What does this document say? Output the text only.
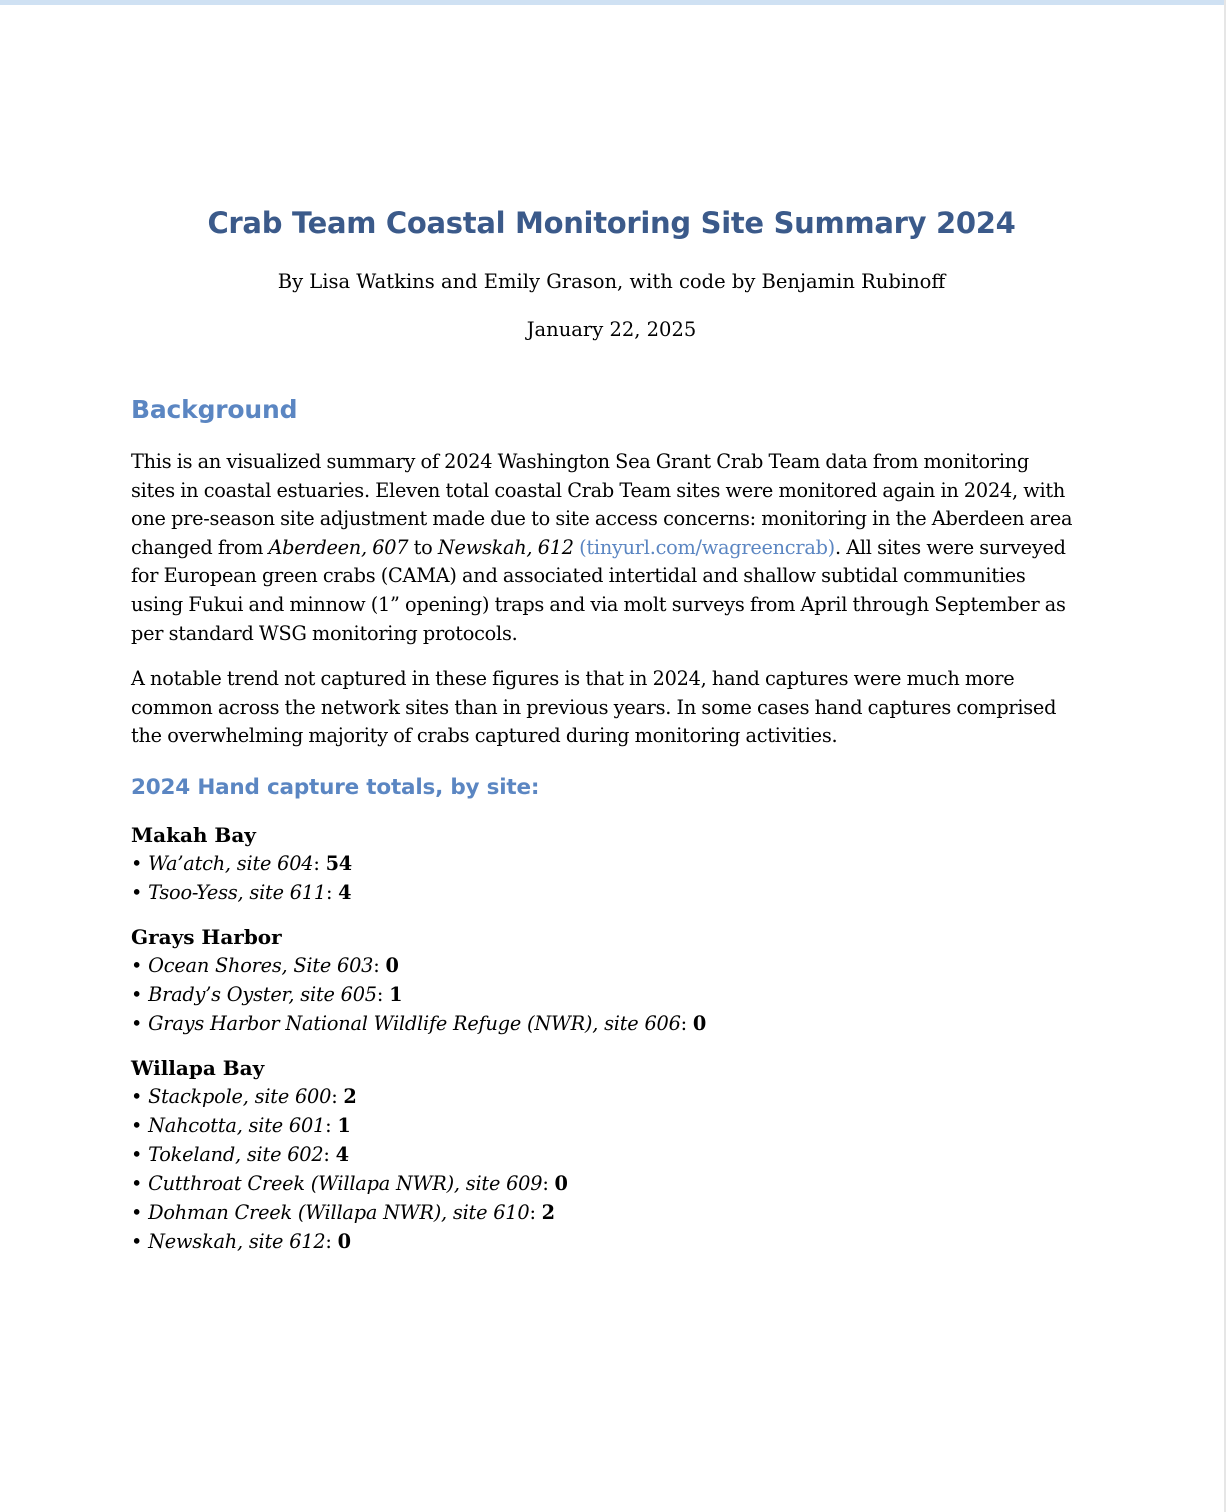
Crab Team Coastal Monitoring Site Summary 2024
By Lisa Watkins and Emily Grason, with code by Benjamin Rubinoff
January 22, 2025
Background

This is an visualized summary of 2024 Washington Sea Grant Crab Team data from monitoring sites in coastal estuaries. Eleven total coastal Crab Team sites were monitored again in 2024, with one pre-season site adjustment made due to site access concerns: monitoring in the Aberdeen area changed from Aberdeen, 607 to Newskah, 612 (tinyurl.com/wagreencrab). All sites were surveyed for European green crabs (CAMA) and associated intertidal and shallow subtidal communities using Fukui and minnow (1” opening) traps and via molt surveys from April through September as per standard WSG monitoring protocols.

A notable trend not captured in these figures is that in 2024, hand captures were much more common across the network sites than in previous years. In some cases hand captures comprised the overwhelming majority of crabs captured during monitoring activities.

2024 Hand capture totals, by site:
Makah Bay
• Wa’atch, site 604: 54
• Tsoo-Yess, site 611: 4
Grays Harbor
• Ocean Shores, Site 603: 0
• Brady’s Oyster, site 605: 1
• Grays Harbor National Wildlife Refuge (NWR), site 606: 0
Willapa Bay
• Stackpole, site 600: 2
• Nahcotta, site 601: 1
• Tokeland, site 602: 4
• Cutthroat Creek (Willapa NWR), site 609: 0
• Dohman Creek (Willapa NWR), site 610: 2
• Newskah, site 612: 0
